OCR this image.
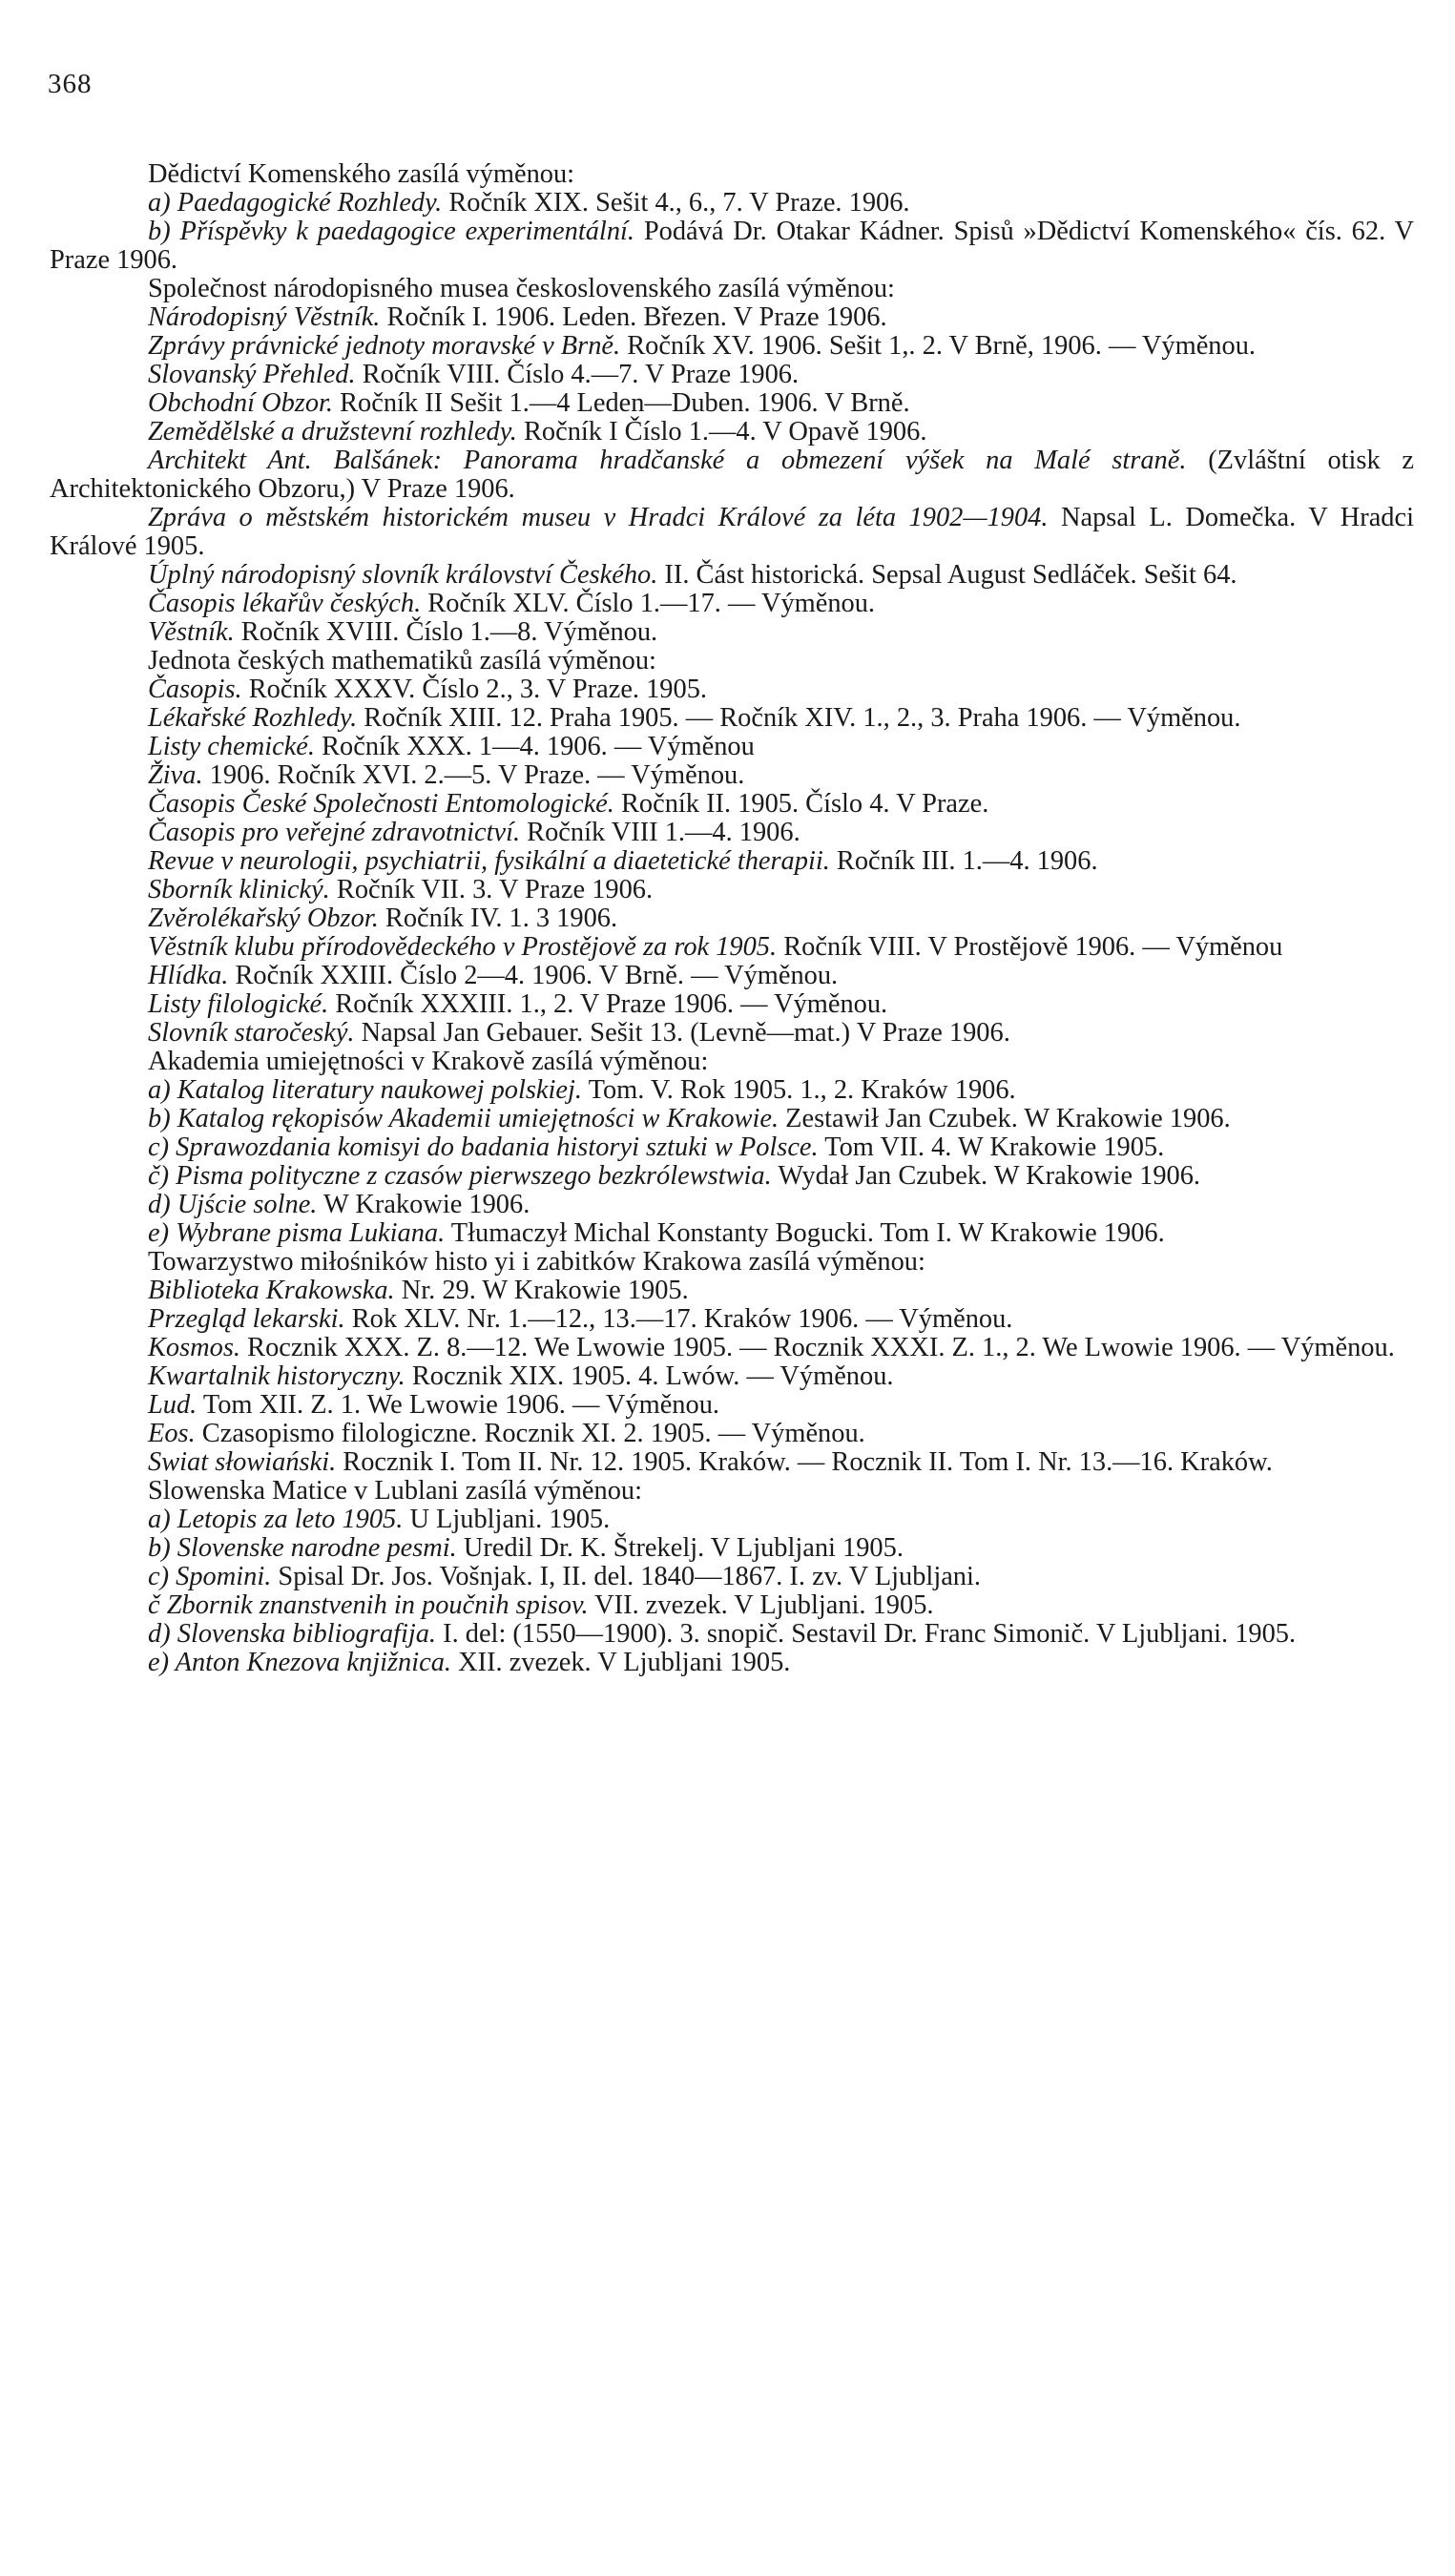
368
Dědictví Komenského zasílá výměnou:
a) Paedagogické Rozhledy. Ročník XIX. Sešit 4., 6., 7. V Praze. 1906.
b) Příspěvky k paedagogice experimentální. Podává Dr. Otakar Kádner. Spisů »Dědictví Komenského« čís. 62. V Praze 1906.
Společnost národopisného musea československého zasílá výměnou:
Národopisný Věstník. Ročník I. 1906. Leden. Březen. V Praze 1906.
Zprávy právnické jednoty moravské v Brně. Ročník XV. 1906. Sešit 1,. 2. V Brně, 1906. — Výměnou.
Slovanský Přehled. Ročník VIII. Číslo 4.—7. V Praze 1906.
Obchodní Obzor. Ročník II Sešit 1.—4 Leden—Duben. 1906. V Brně.
Zemědělské a družstevní rozhledy. Ročník I Číslo 1.—4. V Opavě 1906.
Architekt Ant. Balšánek: Panorama hradčanské a obmezení výšek na Malé straně. (Zvláštní otisk z Architektonického Obzoru,) V Praze 1906.
Zpráva o městském historickém museu v Hradci Králové za léta 1902—1904. Napsal L. Domečka. V Hradci Králové 1905.
Úplný národopisný slovník království Českého. II. Část historická. Sepsal August Sedláček. Sešit 64.
Časopis lékařův českých. Ročník XLV. Číslo 1.—17. — Výměnou.
Věstník. Ročník XVIII. Číslo 1.—8. Výměnou.
Jednota českých mathematiků zasílá výměnou:
Časopis. Ročník XXXV. Číslo 2., 3. V Praze. 1905.
Lékařské Rozhledy. Ročník XIII. 12. Praha 1905. — Ročník XIV. 1., 2., 3. Praha 1906. — Výměnou.
Listy chemické. Ročník XXX. 1—4. 1906. — Výměnou
Živa. 1906. Ročník XVI. 2.—5. V Praze. — Výměnou.
Časopis České Společnosti Entomologické. Ročník II. 1905. Číslo 4. V Praze.
Časopis pro veřejné zdravotnictví. Ročník VIII 1.—4. 1906.
Revue v neurologii, psychiatrii, fysikální a diaetetické therapii. Ročník III. 1.—4. 1906.
Sborník klinický. Ročník VII. 3. V Praze 1906.
Zvěrolékařský Obzor. Ročník IV. 1. 3 1906.
Věstník klubu přírodovědeckého v Prostějově za rok 1905. Ročník VIII. V Prostějově 1906. — Výměnou
Hlídka. Ročník XXIII. Číslo 2—4. 1906. V Brně. — Výměnou.
Listy filologické. Ročník XXXIII. 1., 2. V Praze 1906. — Výměnou.
Slovník staročeský. Napsal Jan Gebauer. Sešit 13. (Levně—mat.) V Praze 1906.
Akademia umiejętności v Krakově zasílá výměnou:
a) Katalog literatury naukowej polskiej. Tom. V. Rok 1905. 1., 2. Kraków 1906.
b) Katalog rękopisów Akademii umiejętności w Krakowie. Zestawił Jan Czubek. W Krakowie 1906.
c) Sprawozdania komisyi do badania historyi sztuki w Polsce. Tom VII. 4. W Krakowie 1905.
č) Pisma polityczne z czasów pierwszego bezkrólewstwia. Wydał Jan Czubek. W Krakowie 1906.
d) Ujście solne. W Krakowie 1906.
e) Wybrane pisma Lukiana. Tłumaczył Michal Konstanty Bogucki. Tom I. W Krakowie 1906.
Towarzystwo miłośników histo yi i zabitków Krakowa zasílá výměnou:
Biblioteka Krakowska. Nr. 29. W Krakowie 1905.
Przegląd lekarski. Rok XLV. Nr. 1.—12., 13.—17. Kraków 1906. — Výměnou.
Kosmos. Rocznik XXX. Z. 8.—12. We Lwowie 1905. — Rocznik XXXI. Z. 1., 2. We Lwowie 1906. — Výměnou.
Kwartalnik historyczny. Rocznik XIX. 1905. 4. Lwów. — Výměnou.
Lud. Tom XII. Z. 1. We Lwowie 1906. — Výměnou.
Eos. Czasopismo filologiczne. Rocznik XI. 2. 1905. — Výměnou.
Swiat słowiański. Rocznik I. Tom II. Nr. 12. 1905. Kraków. — Rocznik II. Tom I. Nr. 13.—16. Kraków.
Slowenska Matice v Lublani zasílá výměnou:
a) Letopis za leto 1905. U Ljubljani. 1905.
b) Slovenske narodne pesmi. Uredil Dr. K. Štrekelj. V Ljubljani 1905.
c) Spomini. Spisal Dr. Jos. Vošnjak. I, II. del. 1840—1867. I. zv. V Ljubljani.
č Zbornik znanstvenih in poučnih spisov. VII. zvezek. V Ljubljani. 1905.
d) Slovenska bibliografija. I. del: (1550—1900). 3. snopič. Sestavil Dr. Franc Simonič. V Ljubljani. 1905.
e) Anton Knezova knjižnica. XII. zvezek. V Ljubljani 1905.
